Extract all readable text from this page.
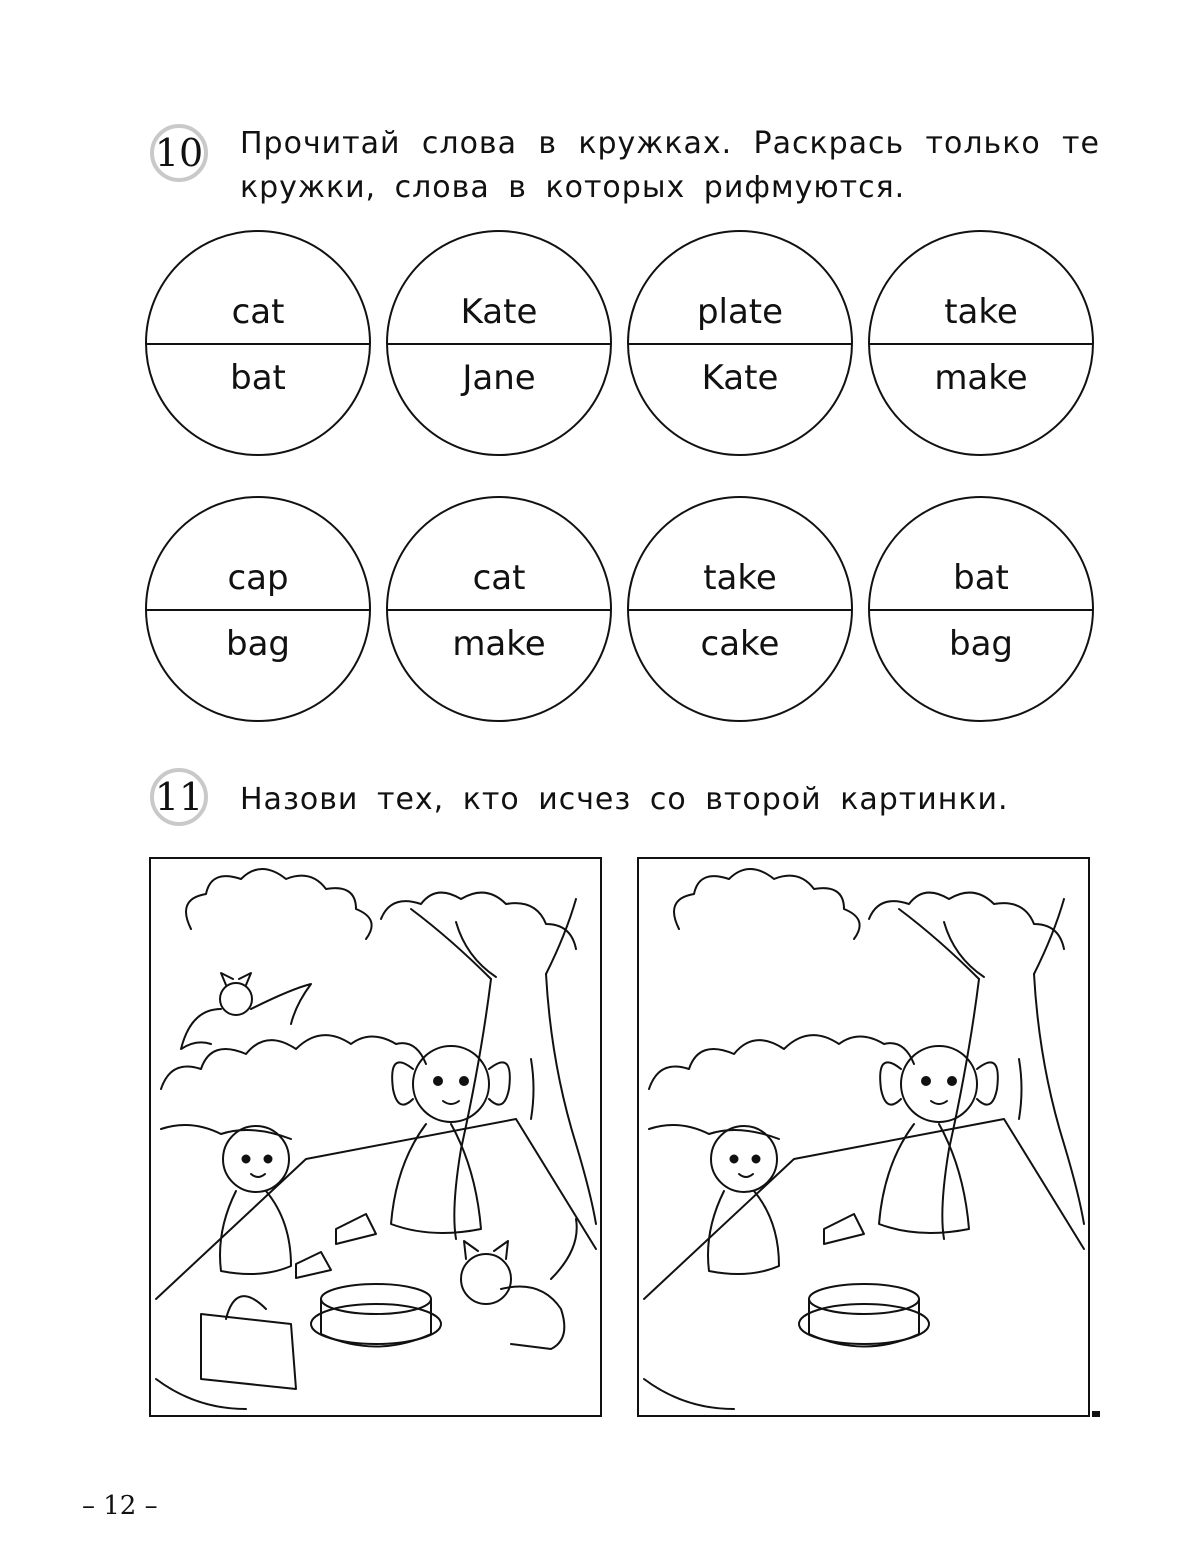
10 Прочитай слова в кружках. Раскрась только те
кружки, слова в которых рифмуются.
cat
bat
Kate
Jane
plate
Kate
take
make
cap
bag
cat
make
take
cake
bat
bag
11 Назови тех, кто исчез со второй картинки.
– 12 –
